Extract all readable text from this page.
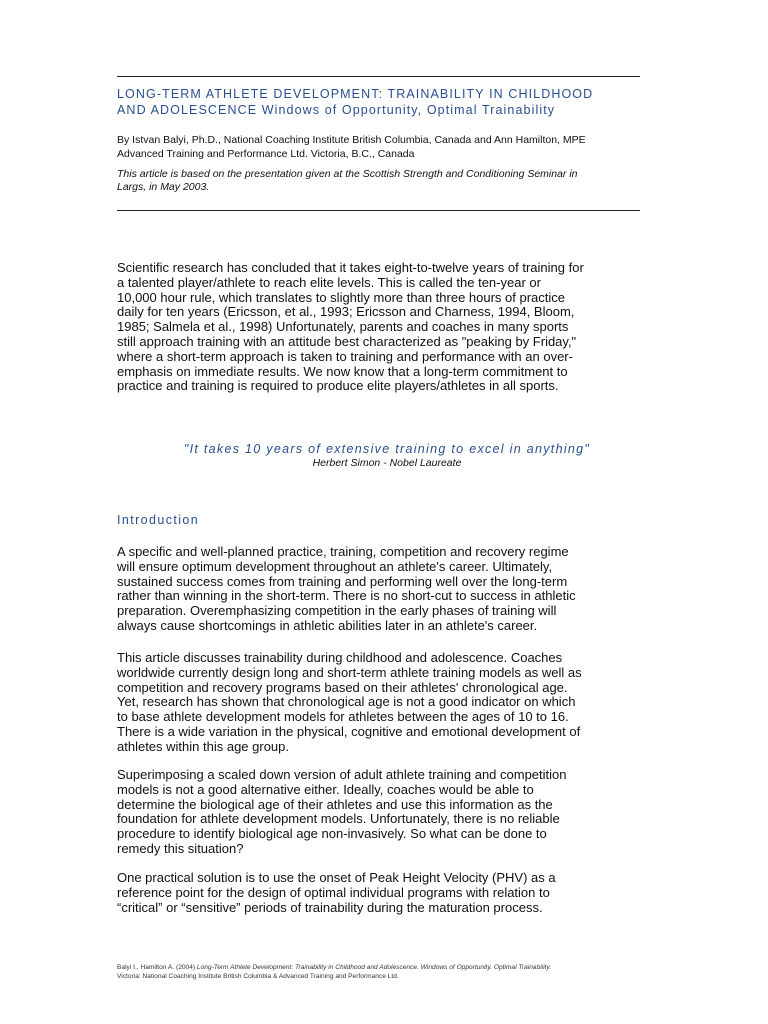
LONG-TERM ATHLETE DEVELOPMENT: TRAINABILITY IN CHILDHOOD
AND ADOLESCENCE Windows of Opportunity, Optimal Trainability
By Istvan Balyi, Ph.D., National Coaching Institute British Columbia, Canada and Ann Hamilton, MPE
Advanced Training and Performance Ltd. Victoria, B.C., Canada
This article is based on the presentation given at the Scottish Strength and Conditioning Seminar in
Largs, in May 2003.
Scientific research has concluded that it takes eight-to-twelve years of training for
a talented player/athlete to reach elite levels. This is called the ten-year or
10,000 hour rule, which translates to slightly more than three hours of practice
daily for ten years (Ericsson, et al., 1993; Ericsson and Charness, 1994, Bloom,
1985; Salmela et al., 1998) Unfortunately, parents and coaches in many sports
still approach training with an attitude best characterized as "peaking by Friday,"
where a short-term approach is taken to training and performance with an over-
emphasis on immediate results. We now know that a long-term commitment to
practice and training is required to produce elite players/athletes in all sports.
"It takes 10 years of extensive training to excel in anything"
Herbert Simon - Nobel Laureate
Introduction
A specific and well-planned practice, training, competition and recovery regime
will ensure optimum development throughout an athlete's career. Ultimately,
sustained success comes from training and performing well over the long-term
rather than winning in the short-term. There is no short-cut to success in athletic
preparation. Overemphasizing competition in the early phases of training will
always cause shortcomings in athletic abilities later in an athlete's career.
This article discusses trainability during childhood and adolescence. Coaches
worldwide currently design long and short-term athlete training models as well as
competition and recovery programs based on their athletes' chronological age.
Yet, research has shown that chronological age is not a good indicator on which
to base athlete development models for athletes between the ages of 10 to 16.
There is a wide variation in the physical, cognitive and emotional development of
athletes within this age group.
Superimposing a scaled down version of adult athlete training and competition
models is not a good alternative either. Ideally, coaches would be able to
determine the biological age of their athletes and use this information as the
foundation for athlete development models. Unfortunately, there is no reliable
procedure to identify biological age non-invasively. So what can be done to
remedy this situation?
One practical solution is to use the onset of Peak Height Velocity (PHV) as a
reference point for the design of optimal individual programs with relation to
“critical” or “sensitive” periods of trainability during the maturation process.
Balyi I., Hamilton A. (2004) Long-Term Athlete Development: Trainability in Childhood and Adolescence. Windows of Opportunity. Optimal Trainability.
Victoria: National Coaching Institute British Columbia & Advanced Training and Performance Ltd.
